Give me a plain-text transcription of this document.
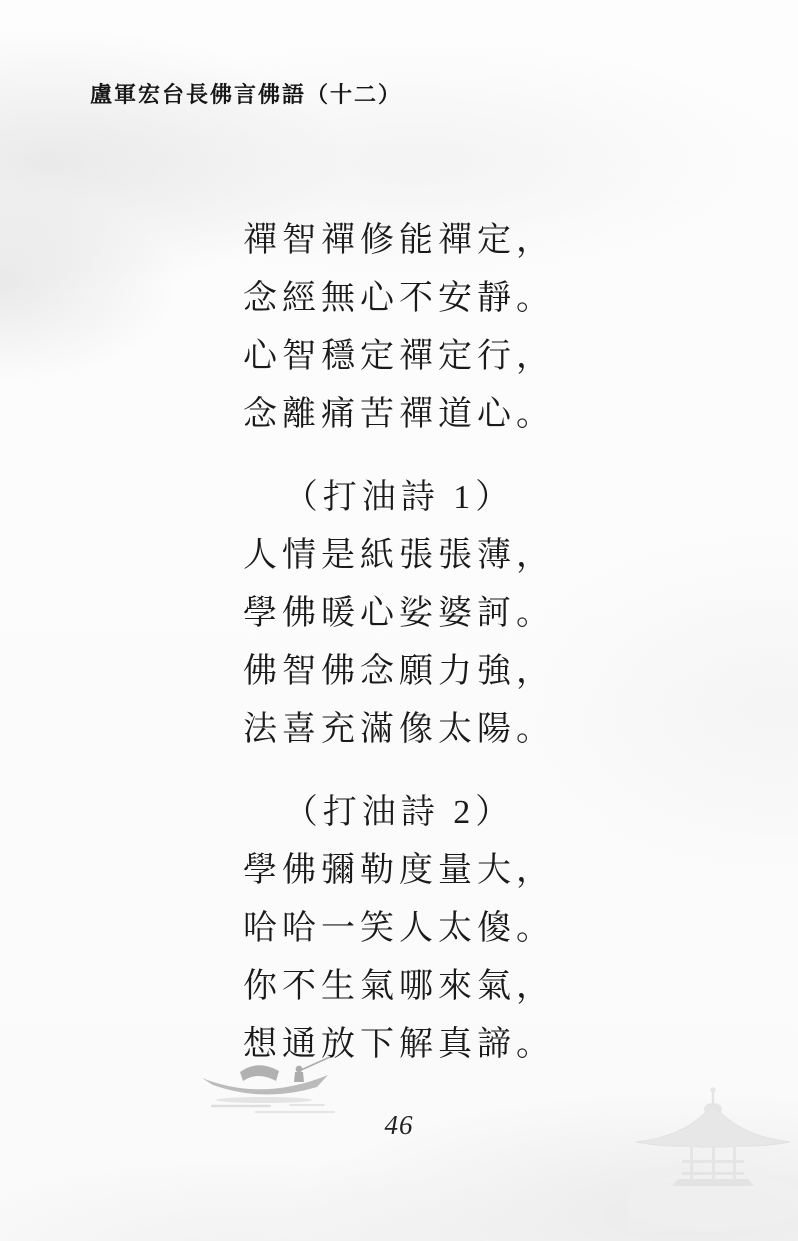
盧軍宏台長佛言佛語（十二）
禪智禪修能禪定，
念經無心不安靜。
心智穩定禪定行，
念離痛苦禪道心。
（打油詩 1）
人情是紙張張薄，
學佛暖心娑婆訶。
佛智佛念願力強，
法喜充滿像太陽。
（打油詩 2）
學佛彌勒度量大，
哈哈一笑人太傻。
你不生氣哪來氣，
想通放下解真諦。
46
